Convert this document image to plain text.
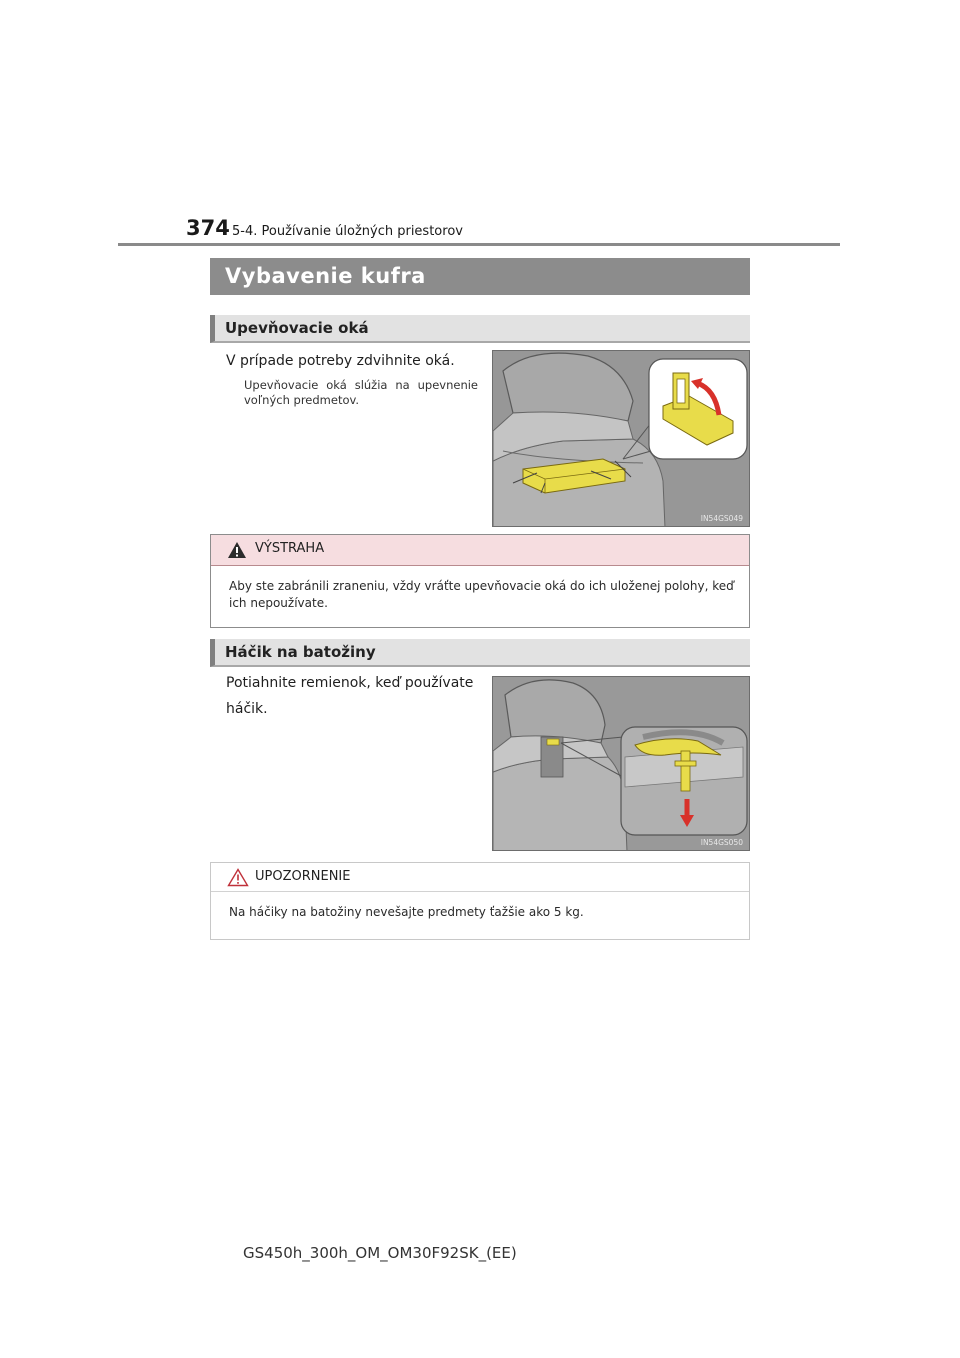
374 5-4. Používanie úložných priestorov
Vybavenie kufra
Upevňovacie oká
V prípade potreby zdvihnite oká.
Upevňovacie oká slúžia na upevnenie voľných predmetov.
IN54GS049
VÝSTRAHA
Aby ste zabránili zraneniu, vždy vráťte upevňovacie oká do ich uloženej polohy, keď ich nepoužívate.
Háčik na batožiny
Potiahnite remienok, keď používate háčik.
IN54GS050
UPOZORNENIE
Na háčiky na batožiny nevešajte predmety ťažšie ako 5 kg.
GS450h_300h_OM_OM30F92SK_(EE)
